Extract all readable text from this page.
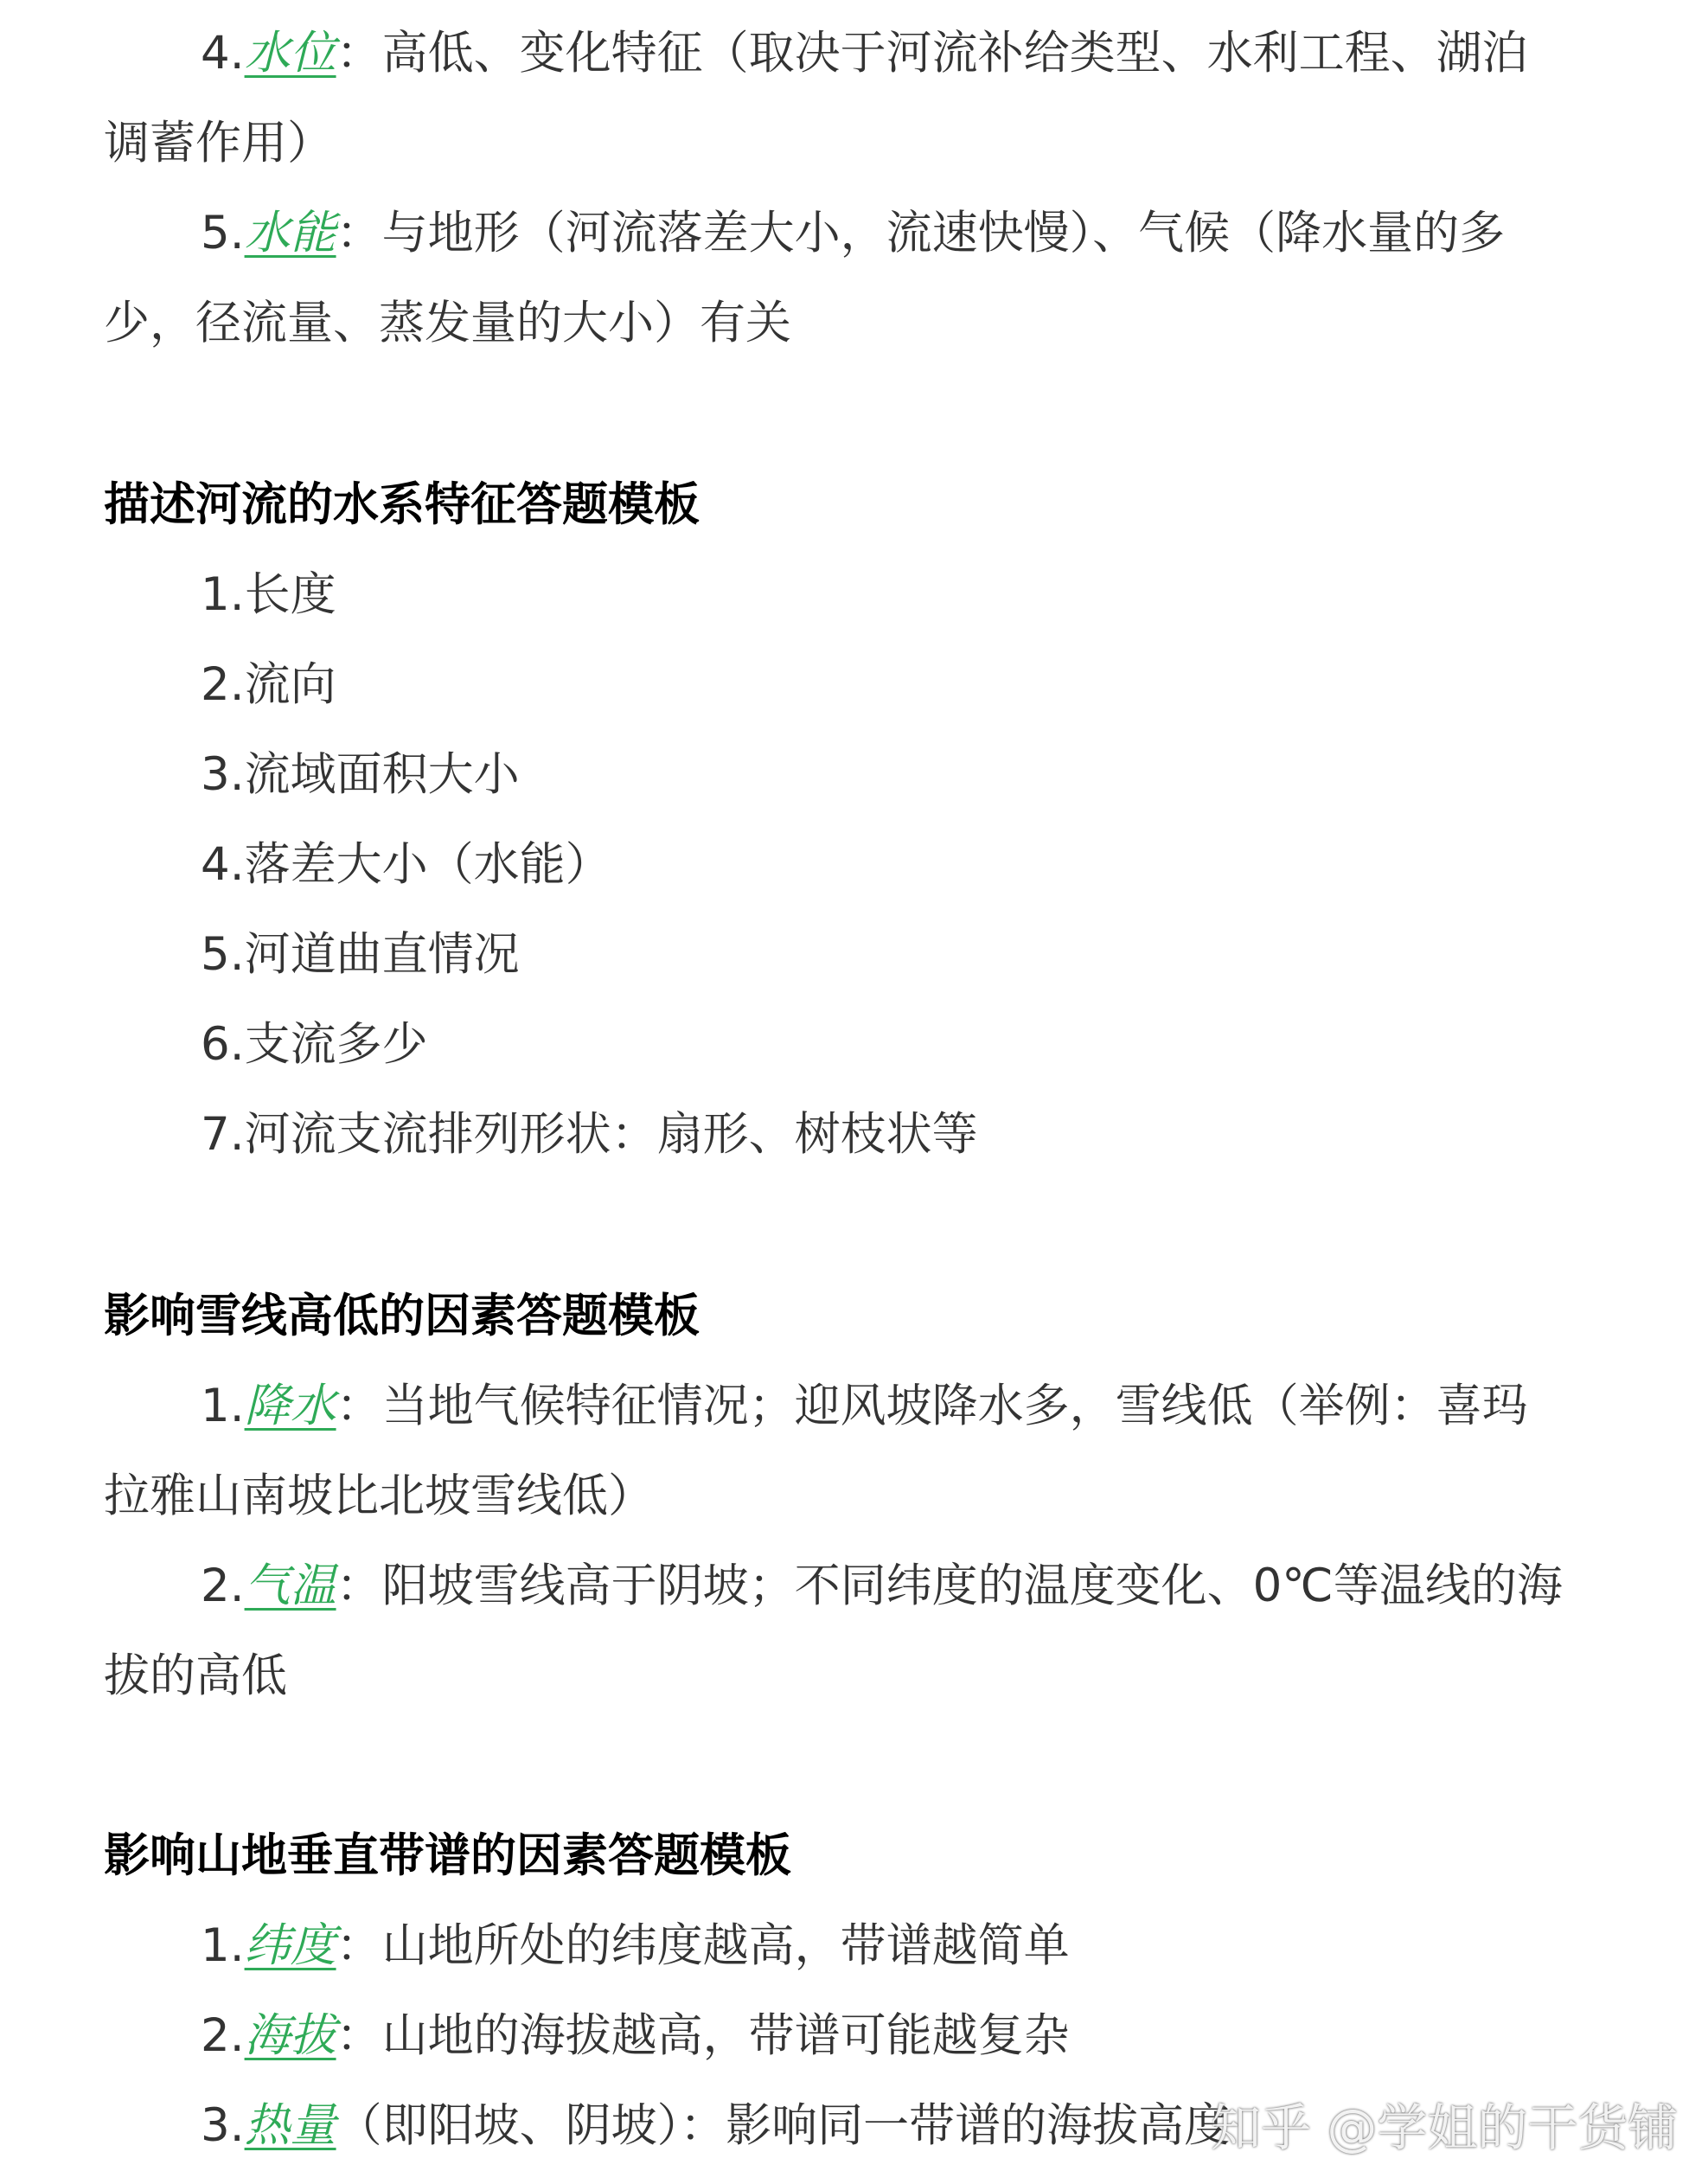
4.水位：高低、变化特征（取决于河流补给类型、水利工程、湖泊
调蓄作用）
5.水能：与地形（河流落差大小，流速快慢）、气候（降水量的多
少，径流量、蒸发量的大小）有关
描述河流的水系特征答题模板
1.长度
2.流向
3.流域面积大小
4.落差大小（水能）
5.河道曲直情况
6.支流多少
7.河流支流排列形状：扇形、树枝状等
影响雪线高低的因素答题模板
1.降水：当地气候特征情况；迎风坡降水多，雪线低（举例：喜玛
拉雅山南坡比北坡雪线低）
2.气温：阳坡雪线高于阴坡；不同纬度的温度变化、0℃等温线的海
拔的高低
影响山地垂直带谱的因素答题模板
1.纬度：山地所处的纬度越高，带谱越简单
2.海拔：山地的海拔越高，带谱可能越复杂
3.热量（即阳坡、阴坡）：影响同一带谱的海拔高度
知乎 @学姐的干货铺
